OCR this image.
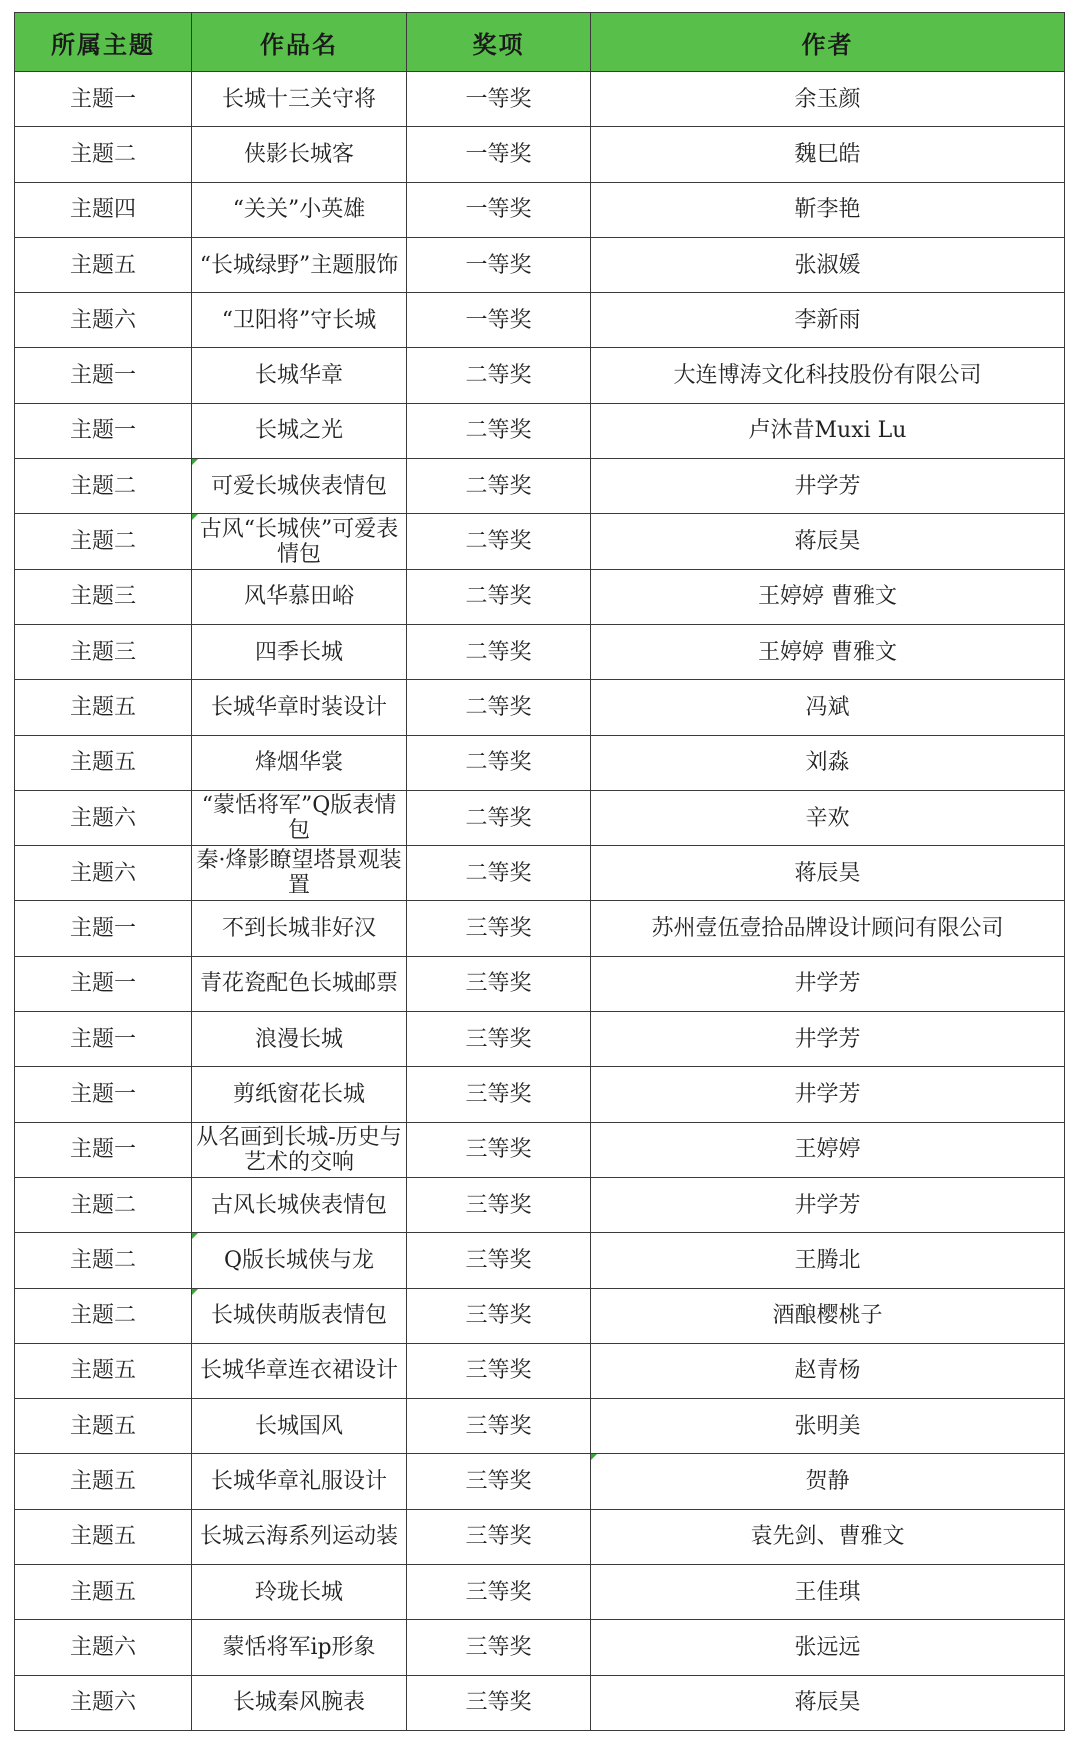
所属主题	作品名	奖项	作者
主题一	长城十三关守将	一等奖	余玉颜
主题二	侠影长城客	一等奖	魏巳皓
主题四	“关关”小英雄	一等奖	靳李艳
主题五	“长城绿野”主题服饰	一等奖	张淑媛
主题六	“卫阳将”守长城	一等奖	李新雨
主题一	长城华章	二等奖	大连博涛文化科技股份有限公司
主题一	长城之光	二等奖	卢沐昔Muxi Lu
主题二	可爱长城侠表情包	二等奖	井学芳
主题二	古风“长城侠”可爱表情包	二等奖	蒋辰昊
主题三	风华慕田峪	二等奖	王婷婷 曹雅文
主题三	四季长城	二等奖	王婷婷 曹雅文
主题五	长城华章时装设计	二等奖	冯斌
主题五	烽烟华裳	二等奖	刘淼
主题六	“蒙恬将军”Q版表情包	二等奖	辛欢
主题六	秦·烽影瞭望塔景观装置	二等奖	蒋辰昊
主题一	不到长城非好汉	三等奖	苏州壹伍壹拾品牌设计顾问有限公司
主题一	青花瓷配色长城邮票	三等奖	井学芳
主题一	浪漫长城	三等奖	井学芳
主题一	剪纸窗花长城	三等奖	井学芳
主题一	从名画到长城-历史与艺术的交响	三等奖	王婷婷
主题二	古风长城侠表情包	三等奖	井学芳
主题二	Q版长城侠与龙	三等奖	王腾北
主题二	长城侠萌版表情包	三等奖	酒酿樱桃子
主题五	长城华章连衣裙设计	三等奖	赵青杨
主题五	长城国风	三等奖	张明美
主题五	长城华章礼服设计	三等奖	贺静

主题五	长城云海系列运动装	三等奖	袁先剑、曹雅文
主题五	玲珑长城	三等奖	王佳琪
主题六	蒙恬将军ip形象	三等奖	张远远
主题六	长城秦风腕表	三等奖	蒋辰昊
